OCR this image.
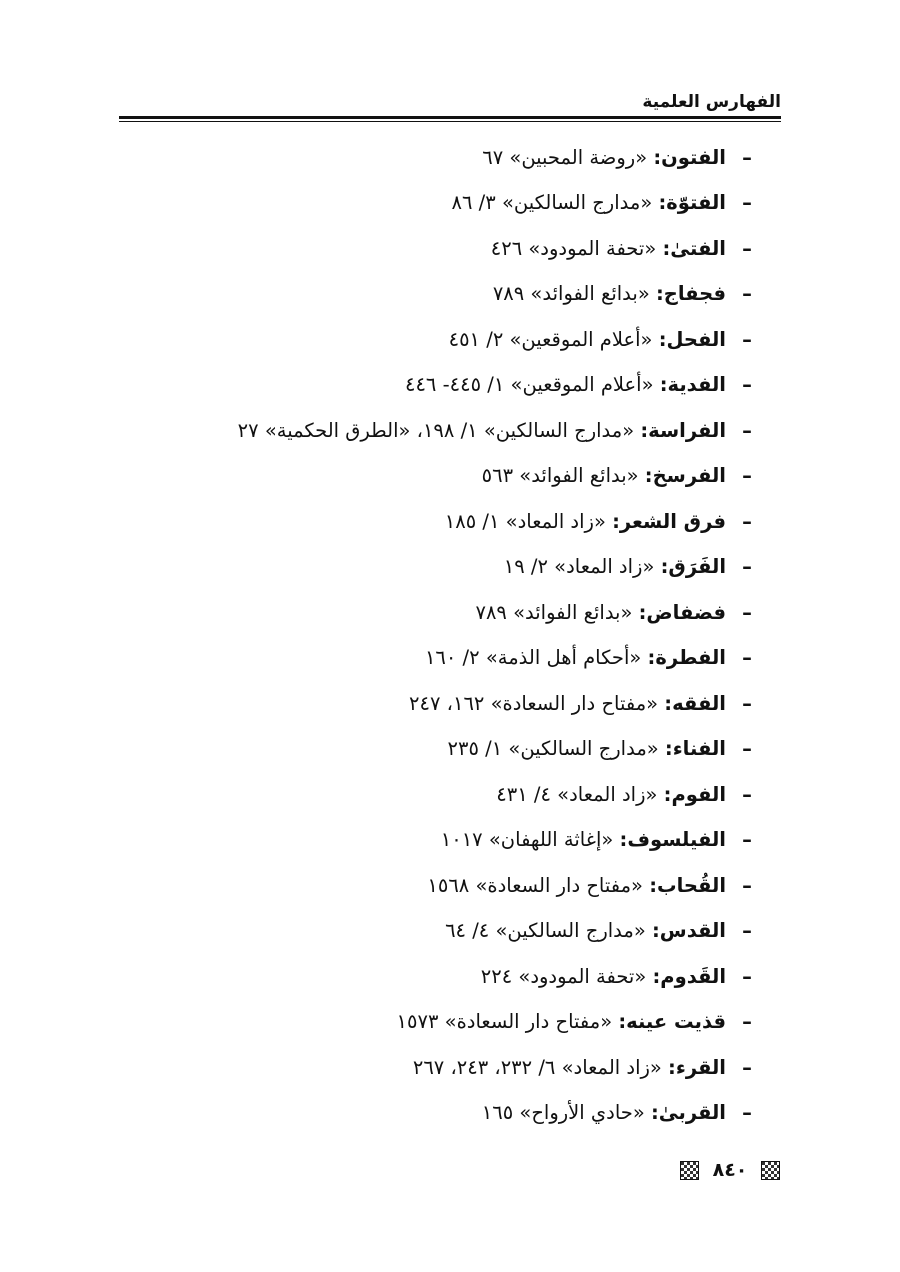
الفهارس العلمية
–
الفتون:

«روضة المحبين» ٦٧
–
الفتوّة:

«مدارج السالكين» ٣/ ٨٦
–
الفتىٰ:

«تحفة المودود» ٤٢٦
–
فجفاج:

«بدائع الفوائد» ٧٨٩
–
الفحل:

«أعلام الموقعين» ٢/ ٤٥١
–
الفدية:

«أعلام الموقعين» ١/ ٤٤٥- ٤٤٦
–
الفراسة:

«مدارج السالكين» ١/ ١٩٨، «الطرق الحكمية» ٢٧
–
الفرسخ:

«بدائع الفوائد» ٥٦٣
–
فرق الشعر:

«زاد المعاد» ١/ ١٨٥
–
الفَرَق:

«زاد المعاد» ٢/ ١٩
–
فضفاض:

«بدائع الفوائد» ٧٨٩
–
الفطرة:

«أحكام أهل الذمة» ٢/ ١٦٠
–
الفقه:

«مفتاح دار السعادة» ١٦٢، ٢٤٧
–
الفناء:

«مدارج السالكين» ١/ ٢٣٥
–
الفوم:

«زاد المعاد» ٤/ ٤٣١
–
الفيلسوف:

«إغاثة اللهفان» ١٠١٧
–
القُحاب:

«مفتاح دار السعادة» ١٥٦٨
–
القدس:

«مدارج السالكين» ٤/ ٦٤
–
القَدوم:

«تحفة المودود» ٢٢٤
–
قذيت عينه:

«مفتاح دار السعادة» ١٥٧٣
–
القرء:

«زاد المعاد» ٦/ ٢٣٢، ٢٤٣، ٢٦٧
–
القربىٰ:

«حادي الأرواح» ١٦٥
٨٤٠
